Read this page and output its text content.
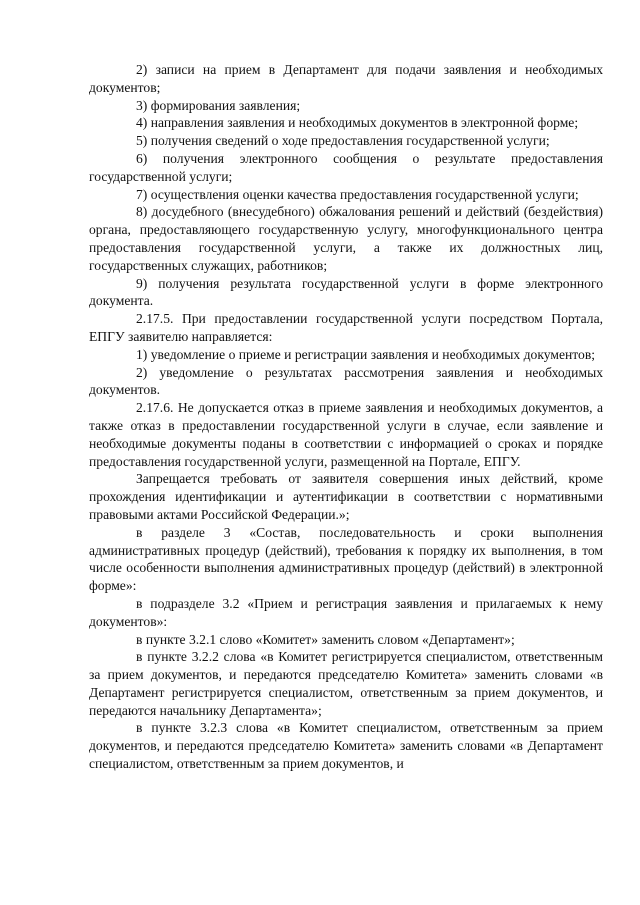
2) записи на прием в Департамент для подачи заявления и необходимых документов;

3) формирования заявления;

4) направления заявления и необходимых документов в электронной форме;

5) получения сведений о ходе предоставления государственной услуги;

6) получения электронного сообщения о результате предоставления государственной услуги;

7) осуществления оценки качества предоставления государственной услуги;

8) досудебного (внесудебного) обжалования решений и действий (бездействия) органа, предоставляющего государственную услугу, многофункционального центра предоставления государственной услуги, а также их должностных лиц, государственных служащих, работников;

9) получения результата государственной услуги в форме электронного документа.

2.17.5. При предоставлении государственной услуги посредством Портала, ЕПГУ заявителю направляется:

1) уведомление о приеме и регистрации заявления и необходимых документов;

2) уведомление о результатах рассмотрения заявления и необходимых документов.

2.17.6. Не допускается отказ в приеме заявления и необходимых документов, а также отказ в предоставлении государственной услуги в случае, если заявление и необходимые документы поданы в соответствии с информацией о сроках и порядке предоставления государственной услуги, размещенной на Портале, ЕПГУ.

Запрещается требовать от заявителя совершения иных действий, кроме прохождения идентификации и аутентификации в соответствии с нормативными правовыми актами Российской Федерации.»;

в разделе 3 «Состав, последовательность и сроки выполнения административных процедур (действий), требования к порядку их выполнения, в том числе особенности выполнения административных процедур (действий) в электронной форме»:

в подразделе 3.2 «Прием и регистрация заявления и прилагаемых к нему документов»:

в пункте 3.2.1 слово «Комитет» заменить словом «Департамент»;

в пункте 3.2.2 слова «в Комитет регистрируется специалистом, ответственным за прием документов, и передаются председателю Комитета» заменить словами «в Департамент регистрируется специалистом, ответственным за прием документов, и передаются начальнику Департамента»;

в пункте 3.2.3 слова «в Комитет специалистом, ответственным за прием документов, и передаются председателю Комитета» заменить словами «в Департамент специалистом, ответственным за прием документов, и
